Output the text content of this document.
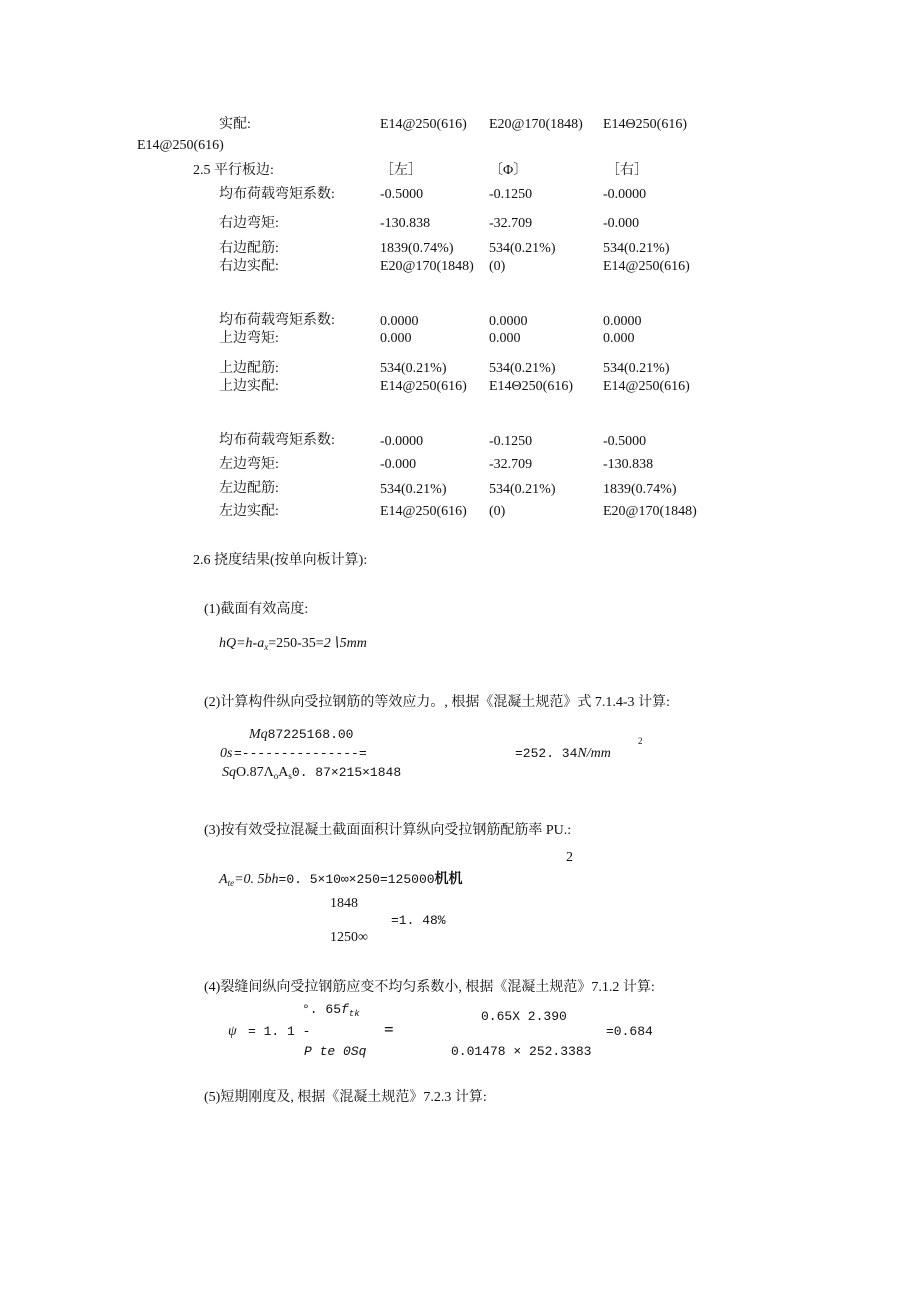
实配:	E14@250(616) E20@170(1848) E14Θ250(616)
E14@250(616)
2.5 平行板边:	［左］	〔Φ〕	［右］
均布荷载弯矩系数:	-0.5000	-0.1250	-0.0000
右边弯矩:	-130.838	-32.709	-0.000
右边配筋:	1839(0.74%)	534(0.21%)	534(0.21%)
右边实配:	E20@170(1848) (0)	E14@250(616)
均布荷载弯矩系数:	0.0000	0.0000	0.0000
上边弯矩:	0.000	0.000	0.000
上边配筋:	534(0.21%)	534(0.21%)	534(0.21%)
上边实配:	E14@250(616) E14Θ250(616) E14@250(616)
均布荷载弯矩系数:	-0.0000	-0.1250	-0.5000
左边弯矩:	-0.000	-32.709	-130.838
左边配筋:	534(0.21%)	534(0.21%)	1839(0.74%)
左边实配:	E14@250(616) (0)	E20@170(1848)
2.6 挠度结果(按单向板计算):
(1)截面有效高度:
$hQ=h-a_x=250-35=2∖5mm$
(2)计算构件纵向受拉钢筋的等效应力。, 根据《混凝土规范》式 7.1.4-3 计算:
Mq87225168.00
0s =---------------=
$SqO.87\Lambda_oA_s0$. 87×215×1848
=252. 34N/mm
2
(3)按有效受拉混凝土截面面积计算纵向受拉钢筋配筋率 PU.:
2
$A_{te}=0$. 5bh=0. 5×10∞×250=125000机机
1848
=1. 48%
1250∞
(4)裂缝间纵向受拉钢筋应变不均匀系数小, 根据《混凝土规范》7.1.2 计算:
°. $65f_{tk}$
ψ = 1. 1 -
P te 0Sq
=
0.65X 2.390
0.01478 × 252.3383
=0.684
(5)短期刚度及, 根据《混凝土规范》7.2.3 计算:
